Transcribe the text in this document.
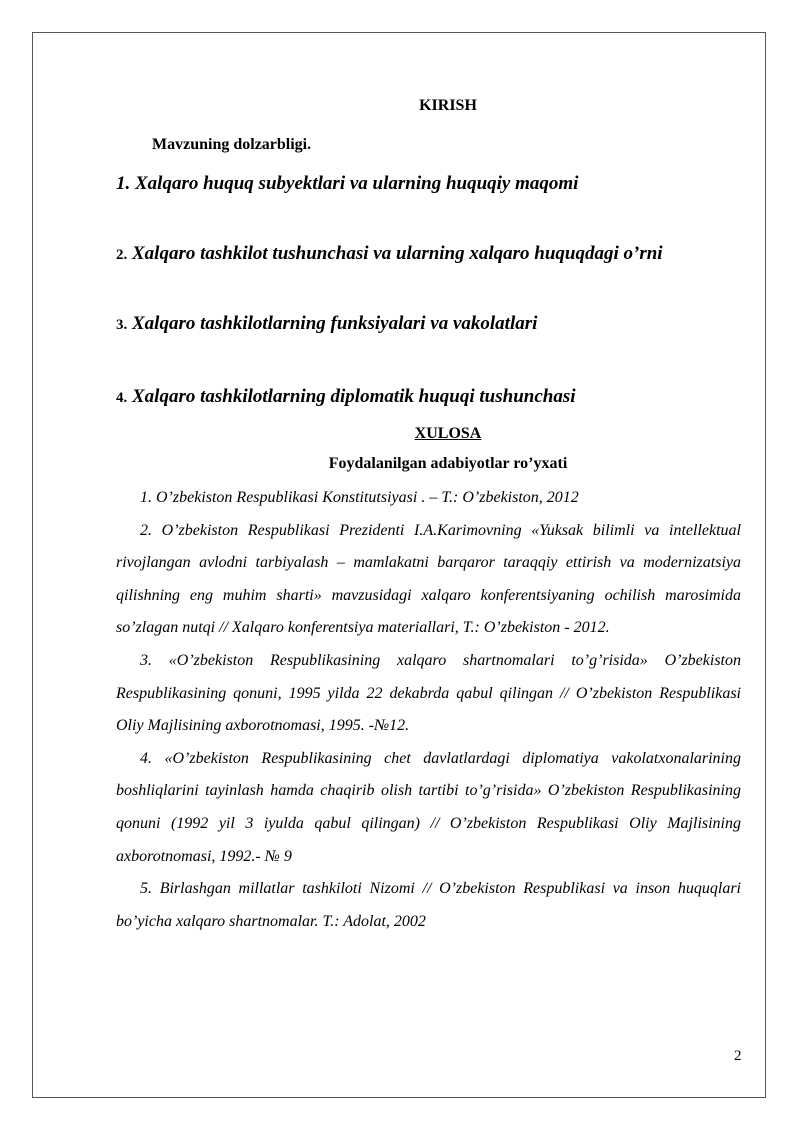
KIRISH
Mavzuning dolzarbligi.
1. Xalqaro huquq subyektlari va ularning huquqiy maqomi
2. Xalqaro tashkilot tushunchasi va ularning xalqaro huquqdagi o’rni
3. Xalqaro tashkilotlarning funksiyalari va vakolatlari
4. Xalqaro tashkilotlarning diplomatik huquqi tushunchasi
XULOSA
Foydalanilgan adabiyotlar ro’yxati

1. O’zbekiston Respublikasi Konstitutsiyasi . – T.: O’zbekiston, 2012

2. O’zbekiston Respublikasi Prezidenti I.A.Karimovning «Yuksak bilimli va intellektual rivojlangan avlodni tarbiyalash – mamlakatni barqaror taraqqiy ettirish va modernizatsiya qilishning eng muhim sharti» mavzusidagi xalqaro konferentsiyaning ochilish marosimida so’zlagan nutqi // Xalqaro konferentsiya materiallari, T.: O’zbekiston - 2012.

3. «O’zbekiston Respublikasining xalqaro shartnomalari to’g’risida» O’zbekiston Respublikasining qonuni, 1995 yilda 22 dekabrda qabul qilingan // O’zbekiston Respublikasi Oliy Majlisining axborotnomasi, 1995. -№12.

4. «O’zbekiston Respublikasining chet davlatlardagi diplomatiya vakolatxonalarining boshliqlarini tayinlash hamda chaqirib olish tartibi to’g’risida» O’zbekiston Respublikasining qonuni (1992 yil 3 iyulda qabul qilingan) // O’zbekiston Respublikasi Oliy Majlisining axborotnomasi, 1992.- № 9

5. Birlashgan millatlar tashkiloti Nizomi // O’zbekiston Respublikasi va inson huquqlari bo’yicha xalqaro shartnomalar. T.: Adolat, 2002

2
